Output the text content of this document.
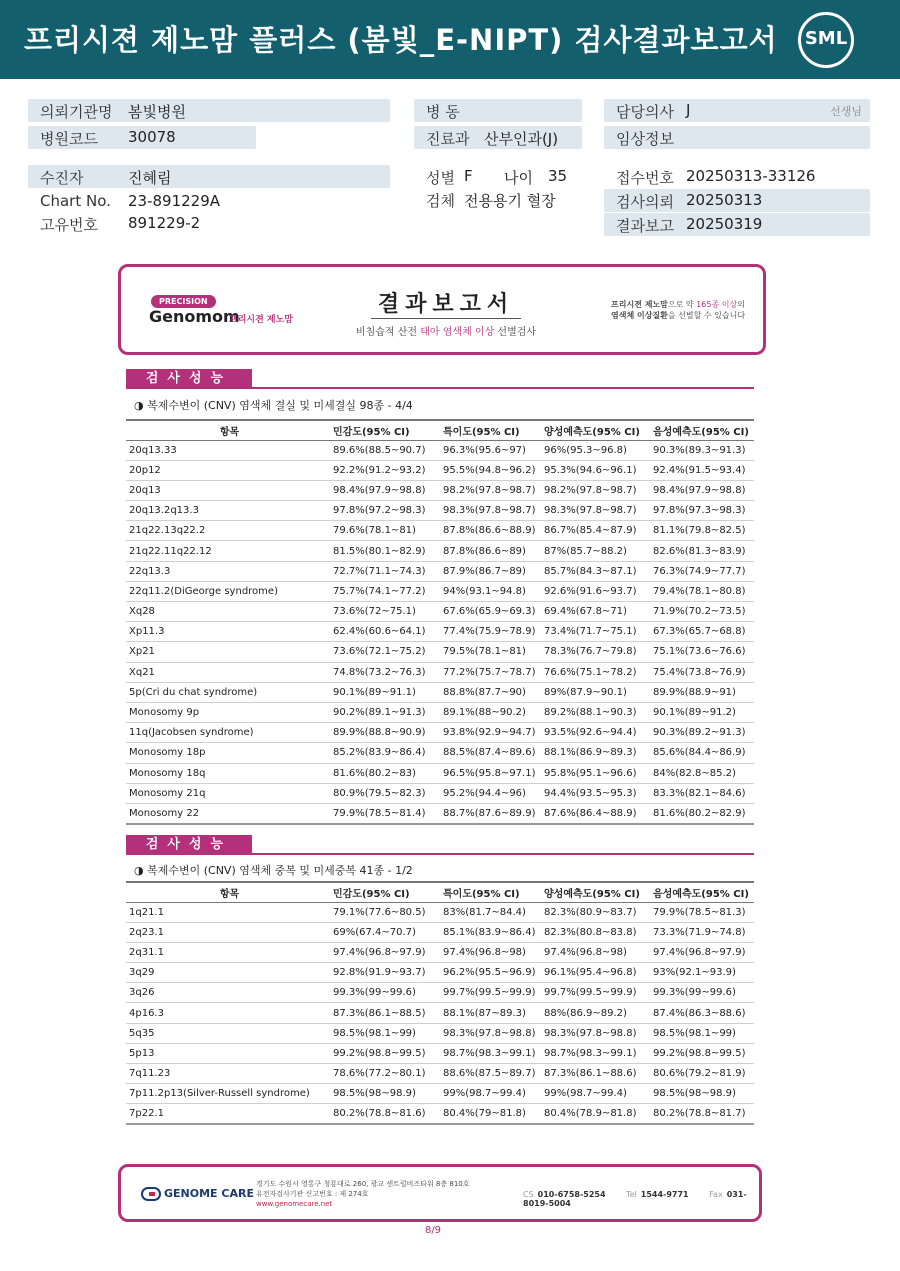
프리시젼 제노맘 플러스 (봄빛_E-NIPT) 검사결과보고서 SML
의뢰기관명 봄빛병원
병원코드 30078
수진자	진혜림
Chart No. 23-891229A
고유번호 891229-2
병 동
진료과 산부인과(J)
성별 F 나이 35
검체 전용용기 혈장
담당의사 J	선생님
임상정보
접수번호 20250313-33126
검사의뢰 20250313
결과보고 20250319
PRECISION
Genomom
프리시젼 제노맘
결과보고서
비침습적 산전 태아 염색체 이상 선별검사
프리시젼 제노맘으로 약 165종 이상의
염색체 이상질환을 선별할 수 있습니다
검사성능
◑ 복제수변이 (CNV) 염색체 결실 및 미세결실 98종 - 4/4
항목	민감도(95% CI)	특이도(95% CI)	양성예측도(95% CI)	음성예측도(95% CI)
20q13.33	89.6%(88.5~90.7)	96.3%(95.6~97)	96%(95.3~96.8)	90.3%(89.3~91.3)
20p12	92.2%(91.2~93.2)	95.5%(94.8~96.2)	95.3%(94.6~96.1)	92.4%(91.5~93.4)
20q13	98.4%(97.9~98.8)	98.2%(97.8~98.7)	98.2%(97.8~98.7)	98.4%(97.9~98.8)
20q13.2q13.3	97.8%(97.2~98.3)	98.3%(97.8~98.7)	98.3%(97.8~98.7)	97.8%(97.3~98.3)
21q22.13q22.2	79.6%(78.1~81)	87.8%(86.6~88.9)	86.7%(85.4~87.9)	81.1%(79.8~82.5)
21q22.11q22.12	81.5%(80.1~82.9)	87.8%(86.6~89)	87%(85.7~88.2)	82.6%(81.3~83.9)
22q13.3	72.7%(71.1~74.3)	87.9%(86.7~89)	85.7%(84.3~87.1)	76.3%(74.9~77.7)
22q11.2(DiGeorge syndrome)	75.7%(74.1~77.2)	94%(93.1~94.8)	92.6%(91.6~93.7)	79.4%(78.1~80.8)
Xq28	73.6%(72~75.1)	67.6%(65.9~69.3)	69.4%(67.8~71)	71.9%(70.2~73.5)
Xp11.3	62.4%(60.6~64.1)	77.4%(75.9~78.9)	73.4%(71.7~75.1)	67.3%(65.7~68.8)
Xp21	73.6%(72.1~75.2)	79.5%(78.1~81)	78.3%(76.7~79.8)	75.1%(73.6~76.6)
Xq21	74.8%(73.2~76.3)	77.2%(75.7~78.7)	76.6%(75.1~78.2)	75.4%(73.8~76.9)
5p(Cri du chat syndrome)	90.1%(89~91.1)	88.8%(87.7~90)	89%(87.9~90.1)	89.9%(88.9~91)
Monosomy 9p	90.2%(89.1~91.3)	89.1%(88~90.2)	89.2%(88.1~90.3)	90.1%(89~91.2)
11q(Jacobsen syndrome)	89.9%(88.8~90.9)	93.8%(92.9~94.7)	93.5%(92.6~94.4)	90.3%(89.2~91.3)
Monosomy 18p	85.2%(83.9~86.4)	88.5%(87.4~89.6)	88.1%(86.9~89.3)	85.6%(84.4~86.9)
Monosomy 18q	81.6%(80.2~83)	96.5%(95.8~97.1)	95.8%(95.1~96.6)	84%(82.8~85.2)
Monosomy 21q	80.9%(79.5~82.3)	95.2%(94.4~96)	94.4%(93.5~95.3)	83.3%(82.1~84.6)
Monosomy 22	79.9%(78.5~81.4)	88.7%(87.6~89.9)	87.6%(86.4~88.9)	81.6%(80.2~82.9)
검사성능
◑ 복제수변이 (CNV) 염색체 중복 및 미세중복 41종 - 1/2
항목	민감도(95% CI)	특이도(95% CI)	양성예측도(95% CI)	음성예측도(95% CI)
1q21.1	79.1%(77.6~80.5)	83%(81.7~84.4)	82.3%(80.9~83.7)	79.9%(78.5~81.3)
2q23.1	69%(67.4~70.7)	85.1%(83.9~86.4)	82.3%(80.8~83.8)	73.3%(71.9~74.8)
2q31.1	97.4%(96.8~97.9)	97.4%(96.8~98)	97.4%(96.8~98)	97.4%(96.8~97.9)
3q29	92.8%(91.9~93.7)	96.2%(95.5~96.9)	96.1%(95.4~96.8)	93%(92.1~93.9)
3q26	99.3%(99~99.6)	99.7%(99.5~99.9)	99.7%(99.5~99.9)	99.3%(99~99.6)
4p16.3	87.3%(86.1~88.5)	88.1%(87~89.3)	88%(86.9~89.2)	87.4%(86.3~88.6)
5q35	98.5%(98.1~99)	98.3%(97.8~98.8)	98.3%(97.8~98.8)	98.5%(98.1~99)
5p13	99.2%(98.8~99.5)	98.7%(98.3~99.1)	98.7%(98.3~99.1)	99.2%(98.8~99.5)
7q11.23	78.6%(77.2~80.1)	88.6%(87.5~89.7)	87.3%(86.1~88.6)	80.6%(79.2~81.9)
7p11.2p13(Silver-Russell syndrome)	98.5%(98~98.9)	99%(98.7~99.4)	99%(98.7~99.4)	98.5%(98~98.9)
7p22.1	80.2%(78.8~81.6)	80.4%(79~81.8)	80.4%(78.9~81.8)	80.2%(78.8~81.7)
GENOME CARE
경기도 수원시 영통구 청룡대로 260, 광교 센트럴비즈타워 8층 810호
유전자검사기관 신고번호 : 제 274호
www.genomecare.net
CS 010-6758-5254	Tel 1544-9771	Fax 031-8019-5004
8/9
